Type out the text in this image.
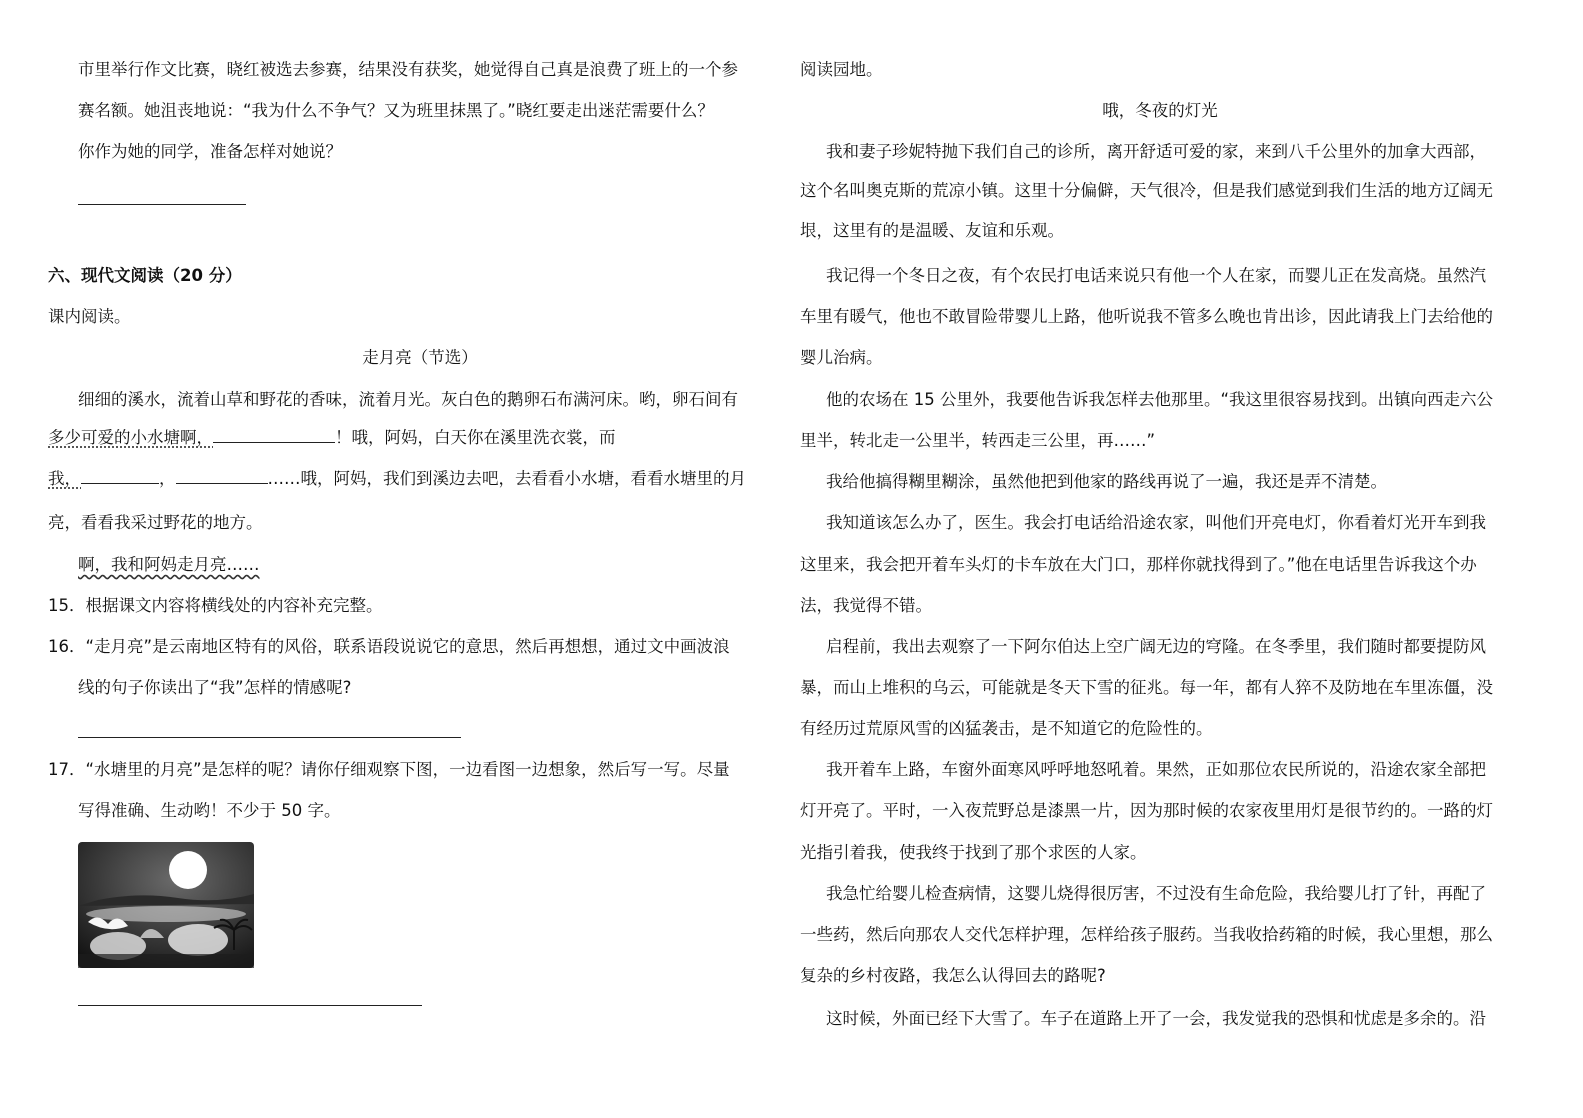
市里举行作文比赛，晓红被选去参赛，结果没有获奖，她觉得自己真是浪费了班上的一个参
赛名额。她沮丧地说：“我为什么不争气？又为班里抹黑了。”晓红要走出迷茫需要什么？
你作为她的同学，准备怎样对她说？
六、现代文阅读（20 分）
课内阅读。
走月亮（节选）
细细的溪水，流着山草和野花的香味，流着月光。灰白色的鹅卵石布满河床。哟，卵石间有
多少可爱的小水塘啊，	！哦，阿妈，白天你在溪里洗衣裳，而
我，	，	……哦，阿妈，我们到溪边去吧，去看看小水塘，看看水塘里的月
亮，看看我采过野花的地方。
啊，我和阿妈走月亮……
15．根据课文内容将横线处的内容补充完整。
16．“走月亮”是云南地区特有的风俗，联系语段说说它的意思，然后再想想，通过文中画波浪
线的句子你读出了“我”怎样的情感呢?
17．“水塘里的月亮”是怎样的呢？请你仔细观察下图，一边看图一边想象，然后写一写。尽量
写得准确、生动哟！不少于 50 字。
阅读园地。
哦，冬夜的灯光
我和妻子珍妮特抛下我们自己的诊所，离开舒适可爱的家，来到八千公里外的加拿大西部，
这个名叫奥克斯的荒凉小镇。这里十分偏僻，天气很冷，但是我们感觉到我们生活的地方辽阔无
垠，这里有的是温暖、友谊和乐观。
我记得一个冬日之夜，有个农民打电话来说只有他一个人在家，而婴儿正在发高烧。虽然汽
车里有暖气，他也不敢冒险带婴儿上路，他听说我不管多么晚也肯出诊，因此请我上门去给他的
婴儿治病。
他的农场在 15 公里外，我要他告诉我怎样去他那里。“我这里很容易找到。出镇向西走六公
里半，转北走一公里半，转西走三公里，再……”
我给他搞得糊里糊涂，虽然他把到他家的路线再说了一遍，我还是弄不清楚。
我知道该怎么办了，医生。我会打电话给沿途农家，叫他们开亮电灯，你看着灯光开车到我
这里来，我会把开着车头灯的卡车放在大门口，那样你就找得到了。”他在电话里告诉我这个办
法，我觉得不错。
启程前，我出去观察了一下阿尔伯达上空广阔无边的穹隆。在冬季里，我们随时都要提防风
暴，而山上堆积的乌云，可能就是冬天下雪的征兆。每一年，都有人猝不及防地在车里冻僵，没
有经历过荒原风雪的凶猛袭击，是不知道它的危险性的。
我开着车上路，车窗外面寒风呼呼地怒吼着。果然，正如那位农民所说的，沿途农家全部把
灯开亮了。平时，一入夜荒野总是漆黑一片，因为那时候的农家夜里用灯是很节约的。一路的灯
光指引着我，使我终于找到了那个求医的人家。
我急忙给婴儿检查病情，这婴儿烧得很厉害，不过没有生命危险，我给婴儿打了针，再配了
一些药，然后向那农人交代怎样护理，怎样给孩子服药。当我收拾药箱的时候，我心里想，那么
复杂的乡村夜路，我怎么认得回去的路呢?
这时候，外面已经下大雪了。车子在道路上开了一会，我发觉我的恐惧和忧虑是多余的。沿
